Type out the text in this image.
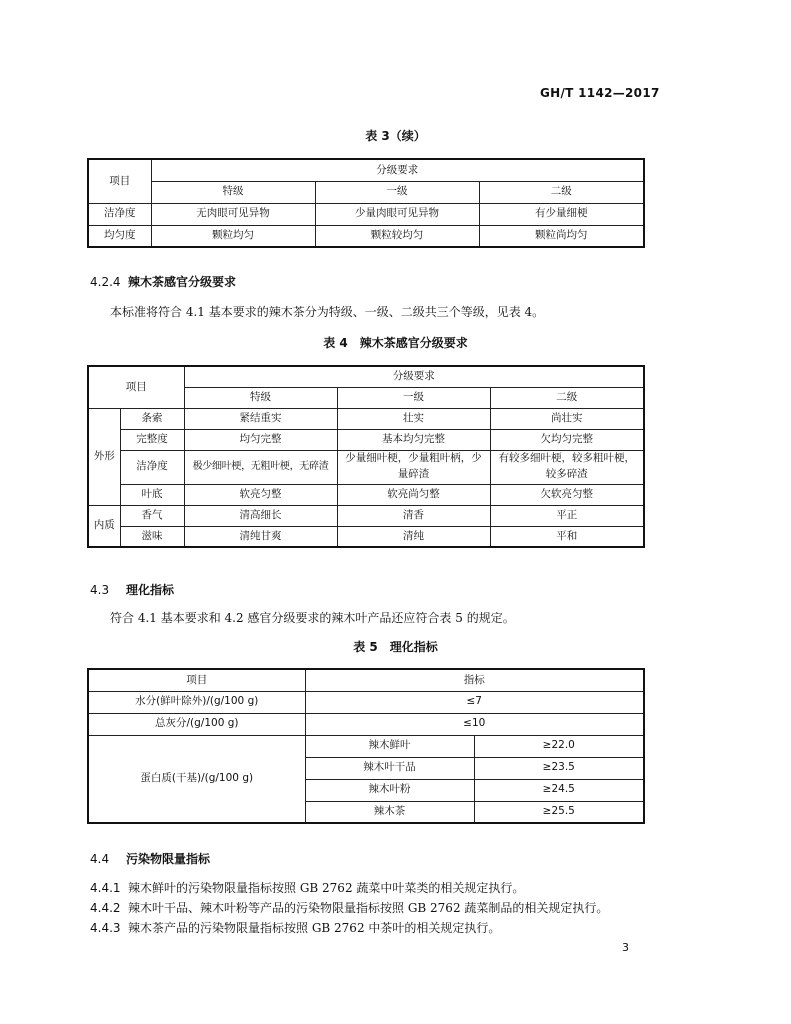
GH/T 1142—2017
表 3（续）
项目	分级要求		
	特级	一级	二级
洁净度	无肉眼可见异物	少量肉眼可见异物	有少量细梗
均匀度	颗粒均匀	颗粒较均匀	颗粒尚均匀
4.2.4 辣木茶感官分级要求
本标准将符合 4.1 基本要求的辣木茶分为特级、一级、二级共三个等级，见表 4。
表 4　辣木茶感官分级要求
项目		分级要求		
		特级	一级	二级
外形	条索	紧结重实	壮实	尚壮实
	完整度	均匀完整	基本均匀完整	欠均匀完整
	洁净度	极少细叶梗，无粗叶梗，无碎渣	少量细叶梗，少量粗叶柄，少量碎渣	有较多细叶梗，较多粗叶梗，较多碎渣
	叶底	软亮匀整	软亮尚匀整	欠软亮匀整
内质	香气	清高细长	清香	平正
	滋味	清纯甘爽	清纯	平和
4.3 理化指标
符合 4.1 基本要求和 4.2 感官分级要求的辣木叶产品还应符合表 5 的规定。
表 5　理化指标
项目	指标	
水分(鲜叶除外)/(g/100 g)	≤7	
总灰分/(g/100 g)	≤10	
蛋白质(干基)/(g/100 g)	辣木鲜叶	≥22.0
	辣木叶干品	≥23.5
	辣木叶粉	≥24.5
	辣木茶	≥25.5
4.4 污染物限量指标
4.4.1 辣木鲜叶的污染物限量指标按照 GB 2762 蔬菜中叶菜类的相关规定执行。
4.4.2 辣木叶干品、辣木叶粉等产品的污染物限量指标按照 GB 2762 蔬菜制品的相关规定执行。
4.4.3 辣木茶产品的污染物限量指标按照 GB 2762 中茶叶的相关规定执行。
3
